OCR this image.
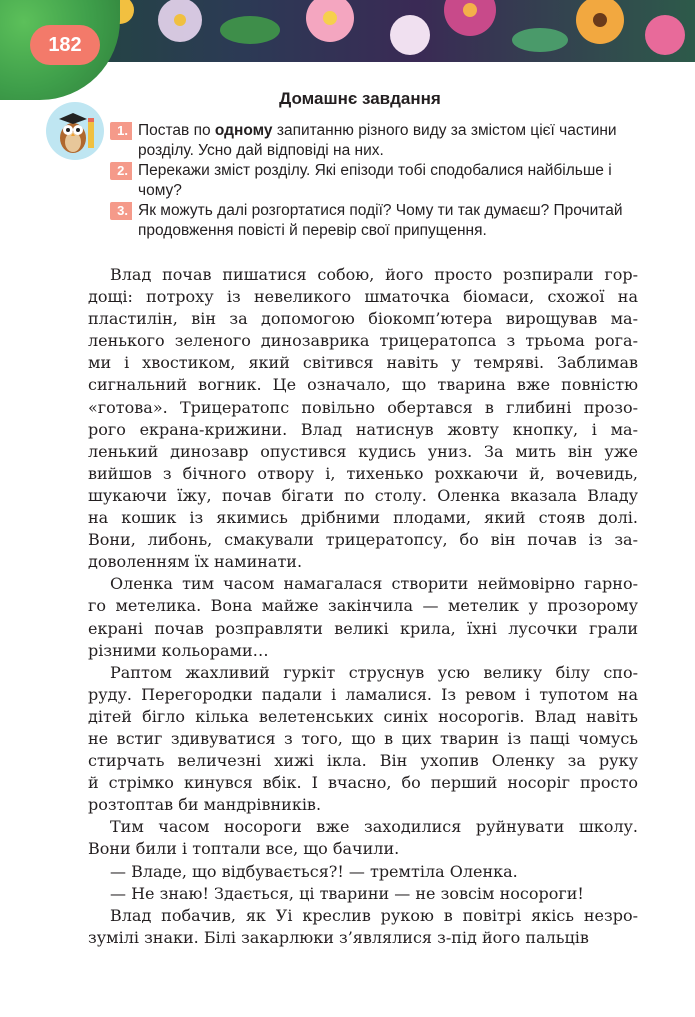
182
Домашнє завдання
1. Постав по одному запитанню різного виду за змістом цієї частини розділу. Усно дай відповіді на них.
2. Перекажи зміст розділу. Які епізоди тобі сподобалися найбільше і чому?
3. Як можуть далі розгортатися події? Чому ти так думаєш? Прочитай продовження повісті й перевір свої припущення.

Влад почав пишатися собою, його просто розпирали гор-
дощі: потроху із невеликого шматочка біомаси, схожої на
пластилін, він за допомогою біокомп’ютера вирощував ма-
ленького зеленого динозаврика трицератопса з трьома рога-
ми і хвостиком, який світився навіть у темряві. Заблимав
сигнальний вогник. Це означало, що тварина вже повністю
«готова». Трицератопс повільно обертався в глибині прозо-
рого екрана-крижини. Влад натиснув жовту кнопку, і ма-
ленький динозавр опустився кудись униз. За мить він уже
вийшов з бічного отвору і, тихенько рохкаючи й, вочевидь,
шукаючи їжу, почав бігати по столу. Оленка вказала Владу
на кошик із якимись дрібними плодами, який стояв долі.
Вони, либонь, смакували трицератопсу, бо він почав із за-
доволенням їх наминати.

Оленка тим часом намагалася створити неймовірно гарно-
го метелика. Вона майже закінчила — метелик у прозорому
екрані почав розправляти великі крила, їхні лусочки грали
різними кольорами…

Раптом жахливий гуркіт струснув усю велику білу спо-
руду. Перегородки падали і ламалися. Із ревом і тупотом на
дітей бігло кілька велетенських синіх носорогів. Влад навіть
не встиг здивуватися з того, що в цих тварин із пащі чомусь
стирчать величезні хижі ікла. Він ухопив Оленку за руку
й стрімко кинувся вбік. І вчасно, бо перший носоріг просто
розтоптав би мандрівників.

Тим часом носороги вже заходилися руйнувати школу.
Вони били і топтали все, що бачили.

— Владе, що відбувається?! — тремтіла Оленка.

— Не знаю! Здається, ці тварини — не зовсім носороги!

Влад побачив, як Уі креслив рукою в повітрі якісь незро-
зумілі знаки. Білі закарлюки з’являлися з-під його пальців
